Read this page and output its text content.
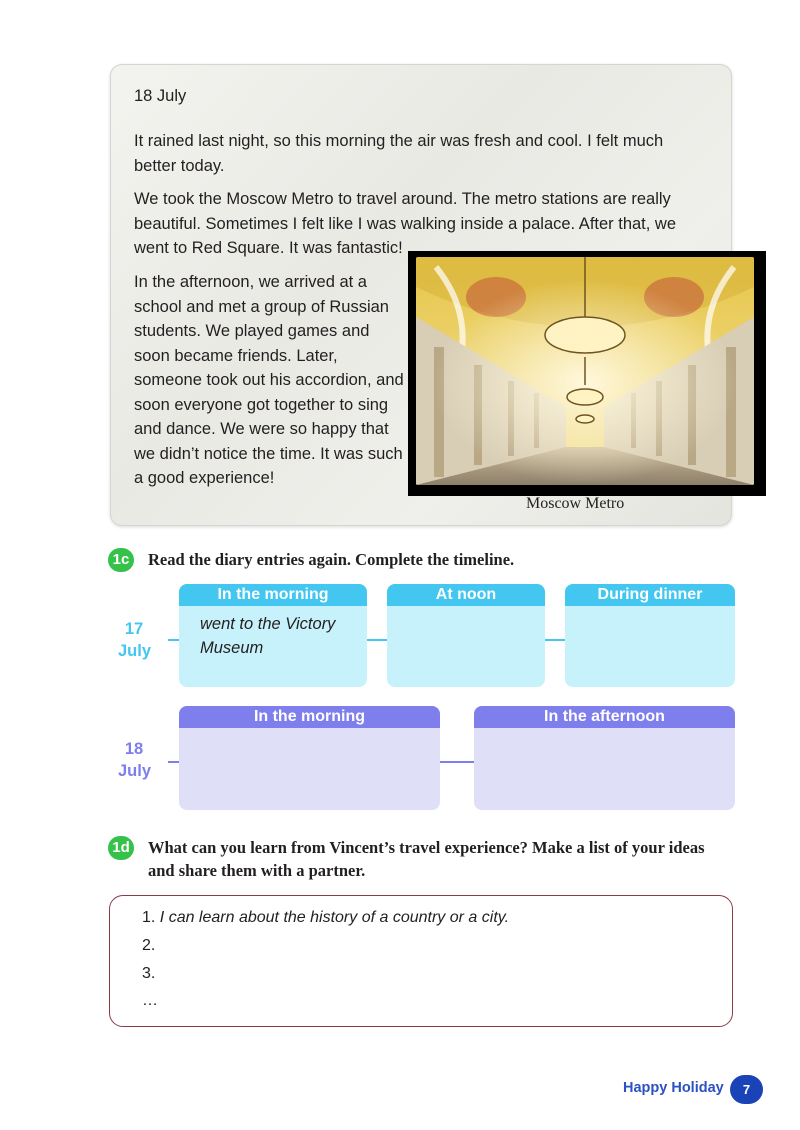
18 July
It rained last night, so this morning the air was fresh and cool. I felt much better today.
We took the Moscow Metro to travel around. The metro stations are really beautiful. Sometimes I felt like I was walking inside a palace. After that, we went to Red Square. It was fantastic!
In the afternoon, we arrived at a school and met a group of Russian students. We played games and soon became friends. Later, someone took out his accordion, and soon everyone got together to sing and dance. We were so happy that we didn’t notice the time. It was such a good experience!
Moscow Metro
1c Read the diary entries again. Complete the timeline.
17
July
In the morning
went to the Victory Museum
At noon	During dinner
18
July
In the morning	In the afternoon
1d What can you learn from Vincent’s travel experience? Make a list of your ideas
and share them with a partner.
1. I can learn about the history of a country or a city.
2.
3.
…
Happy Holiday	7
